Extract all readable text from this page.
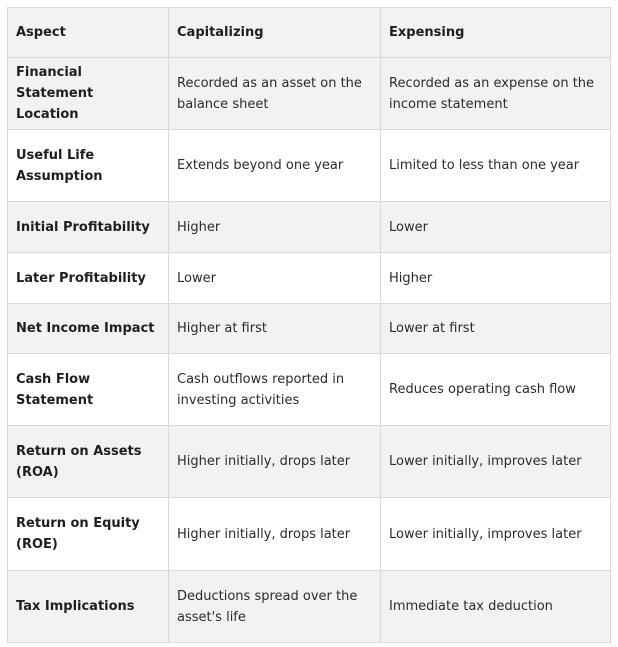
Aspect	Capitalizing	Expensing
Financial Statement Location	Recorded as an asset on the balance sheet	Recorded as an expense on the income statement
Useful Life Assumption	Extends beyond one year	Limited to less than one year
Initial Profitability	Higher	Lower
Later Profitability	Lower	Higher
Net Income Impact	Higher at first	Lower at first
Cash Flow Statement	Cash outflows reported in investing activities	Reduces operating cash flow
Return on Assets (ROA)	Higher initially, drops later	Lower initially, improves later
Return on Equity (ROE)	Higher initially, drops later	Lower initially, improves later
Tax Implications	Deductions spread over the asset's life	Immediate tax deduction
